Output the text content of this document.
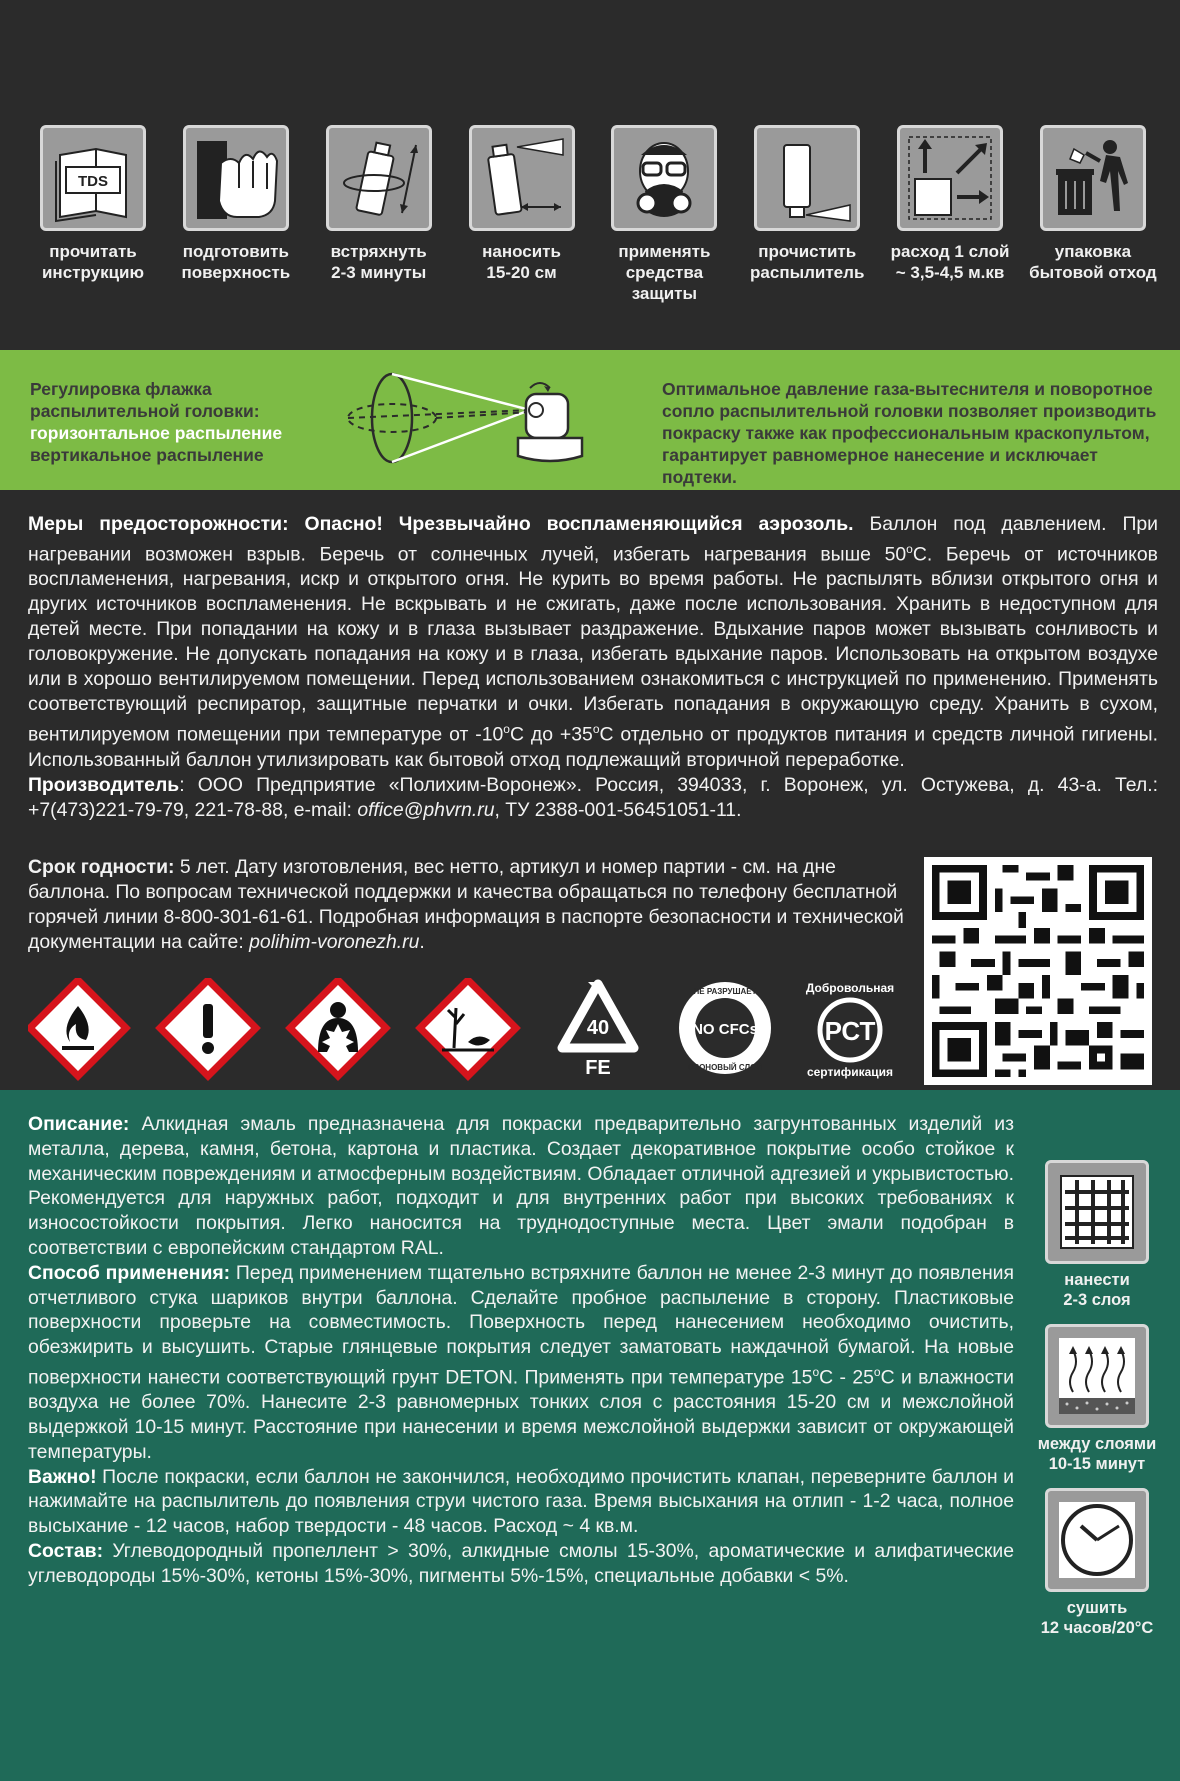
TDS
прочитать
инструкцию
подготовить
поверхность
встряхнуть
2-3 минуты
наносить
15-20 см
применять
средства защиты
прочистить
распылитель
расход 1 слой
~ 3,5-4,5 м.кв
упаковка
бытовой отход
Регулировка флажка
распылительной головки:
горизонтальное распыление
вертикальное распыление
Оптимальное давление газа-вытеснителя и поворотное сопло распылительной головки позволяет производить покраску также как профессиональным краскопультом, гарантирует равномерное нанесение и исключает подтеки.
Меры предосторожности: Опасно! Чрезвычайно воспламеняющийся аэрозоль. Баллон под давлением. При нагревании возможен взрыв. Беречь от солнечных лучей, избегать нагревания выше 50$^o$С. Беречь от источников воспламенения, нагревания, искр и открытого огня. Не курить во время работы. Не распылять вблизи открытого огня и других источников воспламенения. Не вскрывать и не сжигать, даже после использования. Хранить в недоступном для детей месте. При попадании на кожу и в глаза вызывает раздражение. Вдыхание паров может вызывать сонливость и головокружение. Не допускать попадания на кожу и в глаза, избегать вдыхание паров. Использовать на открытом воздухе или в хорошо вентилируемом помещении. Перед использованием ознакомиться с инструкцией по применению. Применять соответствующий респиратор, защитные перчатки и очки. Избегать попадания в окружающую среду. Хранить в сухом, вентилируемом помещении при температуре от -10$^o$С до $+35^oС$ отдельно от продуктов питания и средств личной гигиены. Использованный баллон утилизировать как бытовой отход подлежащий вторичной переработке.
Производитель: ООО Предприятие «Полихим-Воронеж». Россия, 394033, г. Воронеж, ул. Остужева, д. 43-а. Тел.: +7(473)221-79-79, 221-78-88, e-mail: office@phvrn.ru, ТУ 2388-001-56451051-11.
Срок годности: 5 лет. Дату изготовления, вес нетто, артикул и номер партии - см. на дне баллона. По вопросам технической поддержки и качества обращаться по телефону бесплатной горячей линии 8-800-301-61-61. Подробная информация в паспорте безопасности и технической документации на сайте: polihim-voronezh.ru.
40
FE
NO CFCs
НЕ РАЗРУШАЕТ
ОЗОНОВЫЙ СЛОЙ
Добровольная
РСТ
сертификация
Описание: Алкидная эмаль предназначена для покраски предварительно загрунтованных изделий из металла, дерева, камня, бетона, картона и пластика. Создает декоративное покрытие особо стойкое к механическим повреждениям и атмосферным воздействиям. Обладает отличной адгезией и укрывистостью. Рекомендуется для наружных работ, подходит и для внутренних работ при высоких требованиях к износостойкости покрытия. Легко наносится на труднодоступные места. Цвет эмали подобран в соответствии с европейским стандартом RAL.
Способ применения: Перед применением тщательно встряхните баллон не менее 2-3 минут до появления отчетливого стука шариков внутри баллона. Сделайте пробное распыление в сторону. Пластиковые поверхности проверьте на совместимость. Поверхность перед нанесением необходимо очистить, обезжирить и высушить. Старые глянцевые покрытия следует заматовать наждачной бумагой. На новые поверхности нанести соответствующий грунт DETON. Применять при температуре 15$^o$С - 25$^o$С и влажности воздуха не более 70%. Нанесите 2-3 равномерных тонких слоя с расстояния 15-20 см и межслойной выдержкой 10-15 минут. Расстояние при нанесении и время межслойной выдержки зависит от окружающей температуры.
Важно! После покраски, если баллон не закончился, необходимо прочистить клапан, переверните баллон и нажимайте на распылитель до появления струи чистого газа. Время высыхания на отлип - 1-2 часа, полное высыхание - 12 часов, набор твердости - 48 часов. Расход ~ 4 кв.м.
Состав: Углеводородный пропеллент > 30%, алкидные смолы 15-30%, ароматические и алифатические углеводороды 15%-30%, кетоны 15%-30%, пигменты 5%-15%, специальные добавки < 5%.
нанести
2-3 слоя
между слоями
10-15 минут
сушить
12 часов/20°С
